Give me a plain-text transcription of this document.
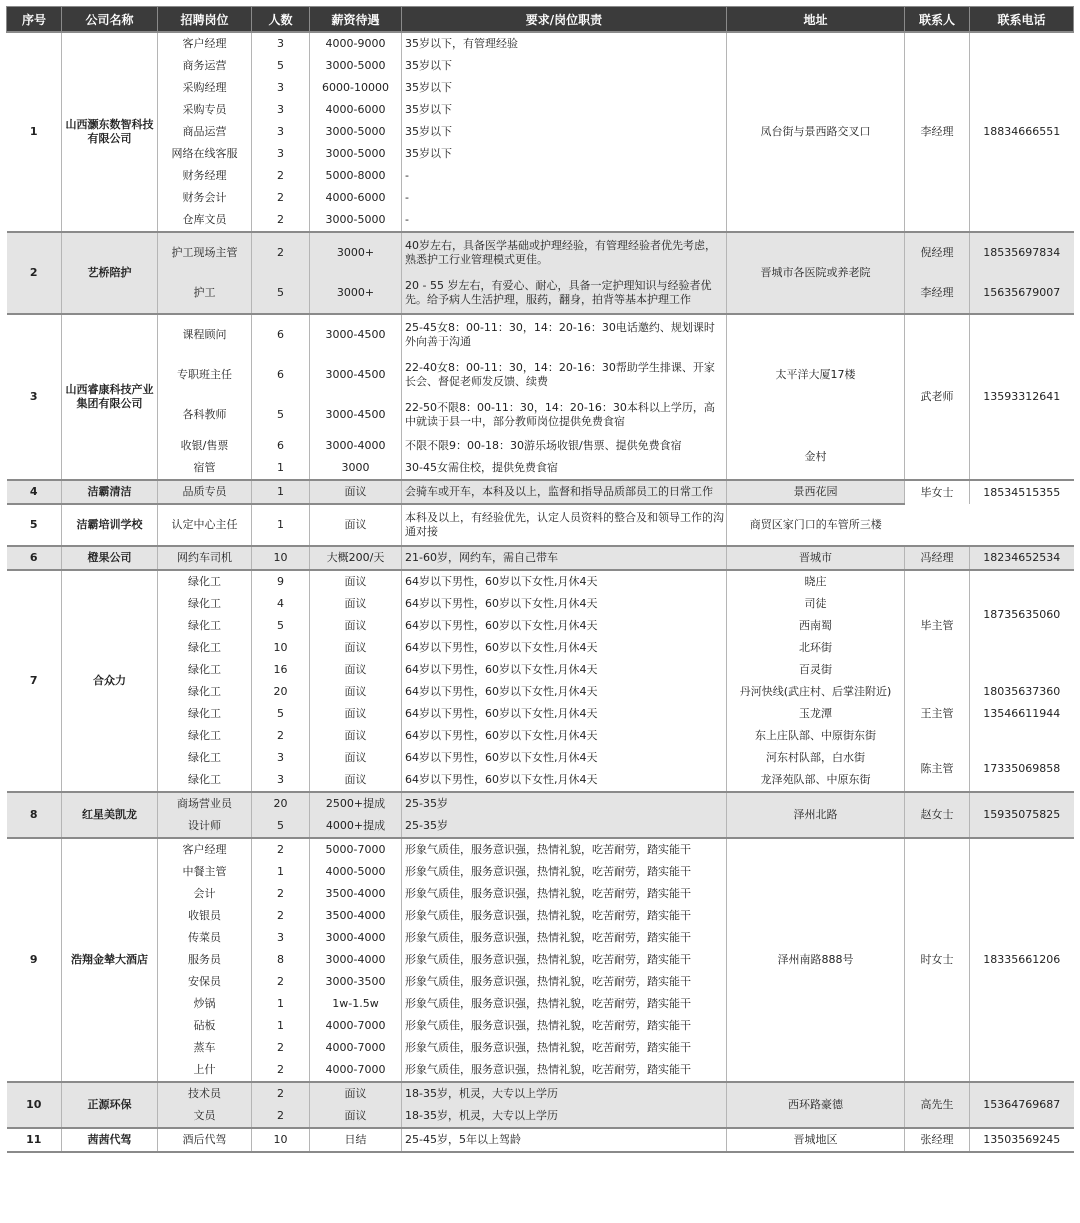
序号	公司名称	招聘岗位	人数	薪资待遇	要求/岗位职责	地址	联系人	联系电话
1	山西灏东数智科技有限公司	客户经理	3	4000-9000	35岁以下，有管理经验	凤台街与景西路交叉口	李经理	18834666551
		商务运营	5	3000-5000	35岁以下			
		采购经理	3	6000-10000	35岁以下			
		采购专员	3	4000-6000	35岁以下			
		商品运营	3	3000-5000	35岁以下			
		网络在线客服	3	3000-5000	35岁以下			
		财务经理	2	5000-8000	-			
		财务会计	2	4000-6000	-			
		仓库文员	2	3000-5000	-			
2	艺桥陪护	护工现场主管	2	3000+	40岁左右，具备医学基础或护理经验，有管理经验者优先考虑，熟悉护工行业管理模式更佳。	晋城市各医院或养老院	倪经理	18535697834
		护工	5	3000+	20 - 55 岁左右，有爱心、耐心，具备一定护理知识与经验者优先。给予病人生活护理，服药，翻身，拍背等基本护理工作		李经理	15635679007
3	山西睿康科技产业集团有限公司	课程顾问	6	3000-4500	25-45女8：00-11：30，14：20-16：30电话邀约、规划课时 外向善于沟通	太平洋大厦17楼	武老师	13593312641
		专职班主任	6	3000-4500	22-40女8：00-11：30，14：20-16：30帮助学生排课、开家长会、督促老师发反馈、续费			
		各科教师	5	3000-4500	22-50不限8：00-11：30，14：20-16：30本科以上学历，高中就读于县一中，部分教师岗位提供免费食宿			
		收银/售票	6	3000-4000	不限不限9：00-18：30游乐场收银/售票、提供免费食宿	金村		
		宿管	1	3000	30-45女需住校，提供免费食宿			
4	洁霸清洁	品质专员	1	面议	会骑车或开车，本科及以上，监督和指导品质部员工的日常工作	景西花园	毕女士	18534515355
5	洁霸培训学校	认定中心主任	1	面议	本科及以上，有经验优先，认定人员资料的整合及和领导工作的沟通对接	商贸区家门口的车管所三楼		
6	橙果公司	网约车司机	10	大概200/天	21-60岁，网约车，需自己带车	晋城市	冯经理	18234652534
7	合众力	绿化工	9	面议	64岁以下男性，60岁以下女性,月休4天	晓庄	毕主管	18735635060
		绿化工	4	面议	64岁以下男性，60岁以下女性,月休4天	司徒		
		绿化工	5	面议	64岁以下男性，60岁以下女性,月休4天	西南蜀		
		绿化工	10	面议	64岁以下男性，60岁以下女性,月休4天	北环街		
		绿化工	16	面议	64岁以下男性，60岁以下女性,月休4天	百灵街		
		绿化工	20	面议	64岁以下男性，60岁以下女性,月休4天	丹河快线(武庄村、后掌洼附近)	王主管	18035637360
		绿化工	5	面议	64岁以下男性，60岁以下女性,月休4天	玉龙潭		13546611944
		绿化工	2	面议	64岁以下男性，60岁以下女性,月休4天	东上庄队部、中原街东街		
		绿化工	3	面议	64岁以下男性，60岁以下女性,月休4天	河东村队部，白水街	陈主管	17335069858
		绿化工	3	面议	64岁以下男性，60岁以下女性,月休4天	龙泽苑队部、中原东街		
8	红星美凯龙	商场营业员	20	2500+提成	25-35岁	泽州北路	赵女士	15935075825
		设计师	5	4000+提成	25-35岁			
9	浩翔金辇大酒店	客户经理	2	5000-7000	形象气质佳，服务意识强，热情礼貌，吃苦耐劳，踏实能干	泽州南路888号	时女士	18335661206
		中餐主管	1	4000-5000	形象气质佳，服务意识强，热情礼貌，吃苦耐劳，踏实能干			
		会计	2	3500-4000	形象气质佳，服务意识强，热情礼貌，吃苦耐劳，踏实能干			
		收银员	2	3500-4000	形象气质佳，服务意识强，热情礼貌，吃苦耐劳，踏实能干			
		传菜员	3	3000-4000	形象气质佳，服务意识强，热情礼貌，吃苦耐劳，踏实能干			
		服务员	8	3000-4000	形象气质佳，服务意识强，热情礼貌，吃苦耐劳，踏实能干			
		安保员	2	3000-3500	形象气质佳，服务意识强，热情礼貌，吃苦耐劳，踏实能干			
		炒锅	1	1w-1.5w	形象气质佳，服务意识强，热情礼貌，吃苦耐劳，踏实能干			
		砧板	1	4000-7000	形象气质佳，服务意识强，热情礼貌，吃苦耐劳，踏实能干			
		蒸车	2	4000-7000	形象气质佳，服务意识强，热情礼貌，吃苦耐劳，踏实能干			
		上什	2	4000-7000	形象气质佳，服务意识强，热情礼貌，吃苦耐劳，踏实能干			
10	正源环保	技术员	2	面议	18-35岁，机灵，大专以上学历	西环路豪德	高先生	15364769687
		文员	2	面议	18-35岁，机灵，大专以上学历			
11	茜茜代驾	酒后代驾	10	日结	25-45岁，5年以上驾龄	晋城地区	张经理	13503569245
